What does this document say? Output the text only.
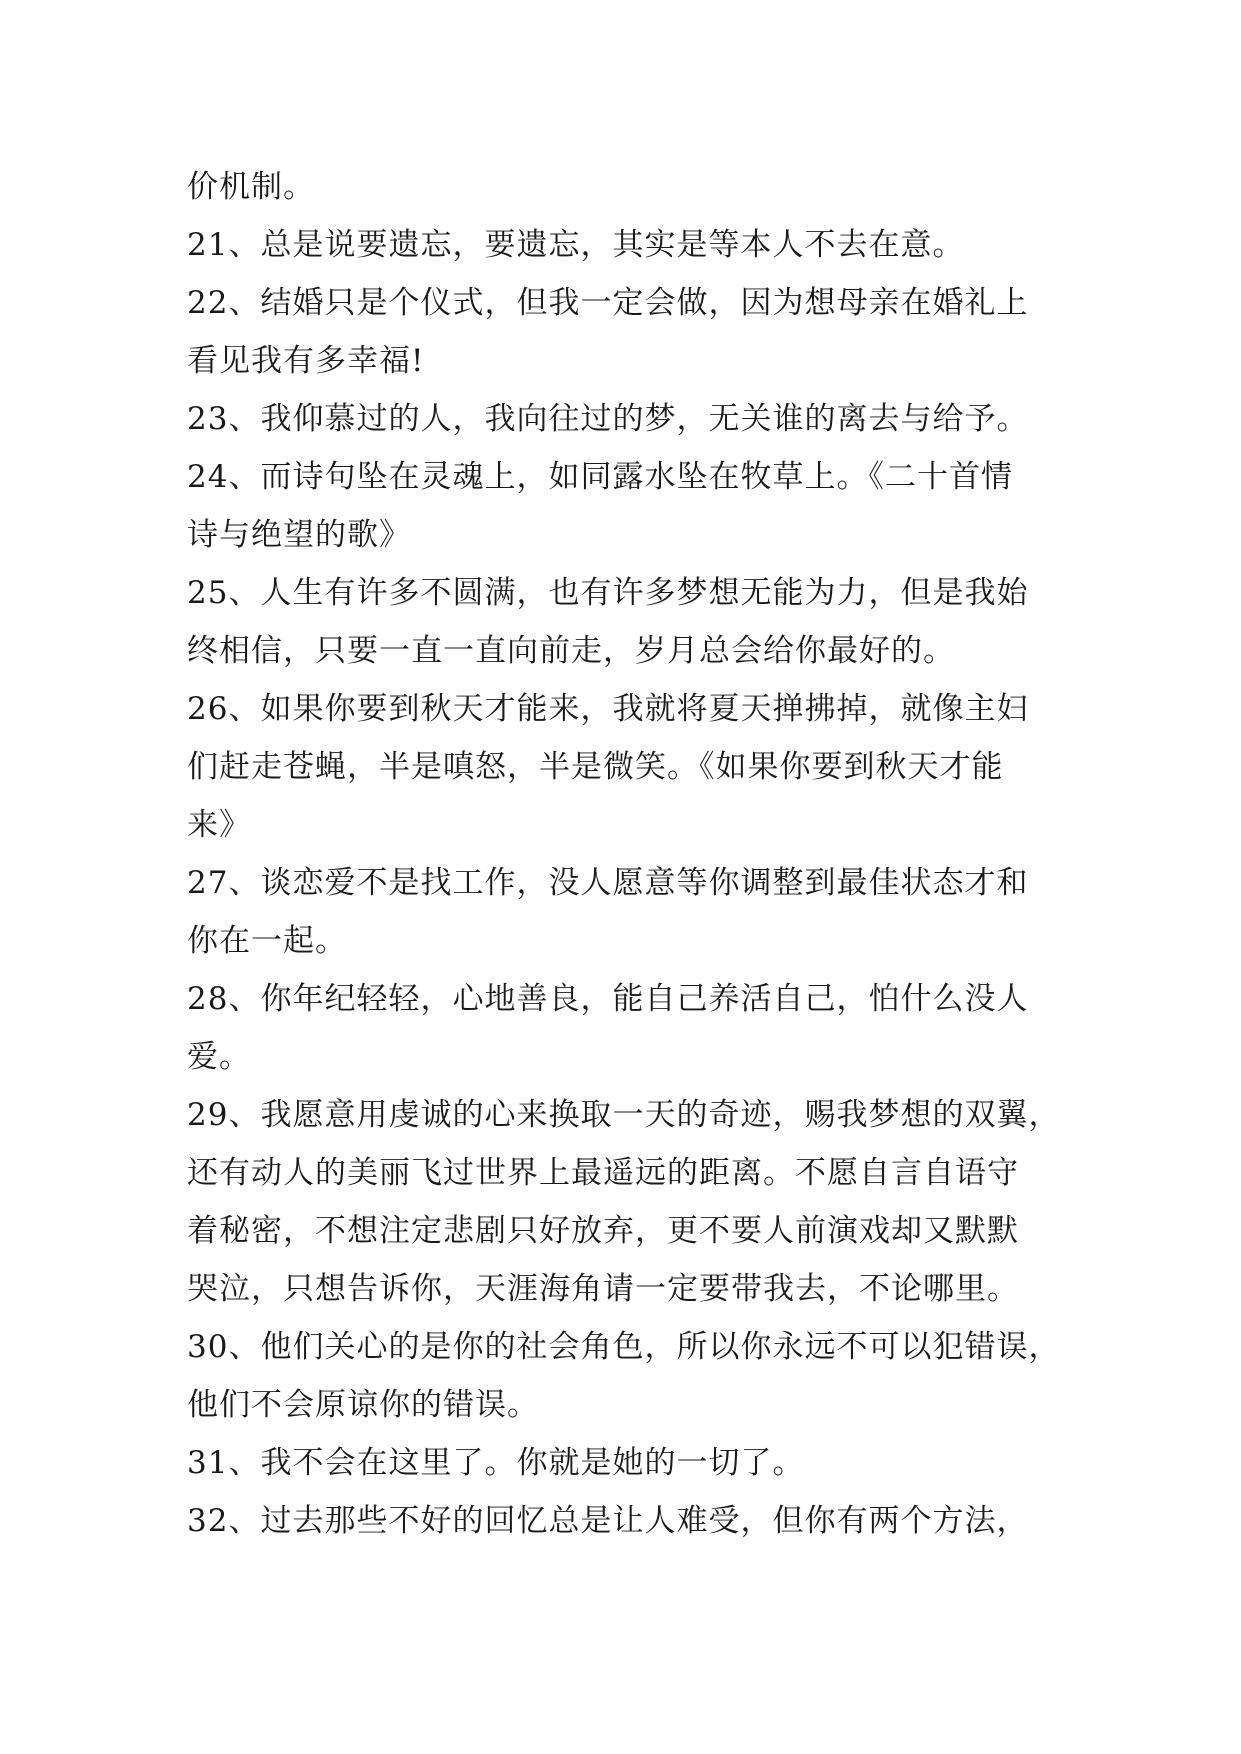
价机制。
21、总是说要遗忘，要遗忘，其实是等本人不去在意。
22、结婚只是个仪式，但我一定会做，因为想母亲在婚礼上
看见我有多幸福!
23、我仰慕过的人，我向往过的梦，无关谁的离去与给予。
24、而诗句坠在灵魂上，如同露水坠在牧草上。《二十首情
诗与绝望的歌》
25、人生有许多不圆满，也有许多梦想无能为力，但是我始
终相信，只要一直一直向前走，岁月总会给你最好的。
26、如果你要到秋天才能来，我就将夏天掸拂掉，就像主妇
们赶走苍蝇，半是嗔怒，半是微笑。《如果你要到秋天才能
来》
27、谈恋爱不是找工作，没人愿意等你调整到最佳状态才和
你在一起。
28、你年纪轻轻，心地善良，能自己养活自己，怕什么没人
爱。
29、我愿意用虔诚的心来换取一天的奇迹，赐我梦想的双翼，
还有动人的美丽飞过世界上最遥远的距离。不愿自言自语守
着秘密，不想注定悲剧只好放弃，更不要人前演戏却又默默
哭泣，只想告诉你，天涯海角请一定要带我去，不论哪里。
30、他们关心的是你的社会角色，所以你永远不可以犯错误，
他们不会原谅你的错误。
31、我不会在这里了。你就是她的一切了。
32、过去那些不好的回忆总是让人难受，但你有两个方法，
